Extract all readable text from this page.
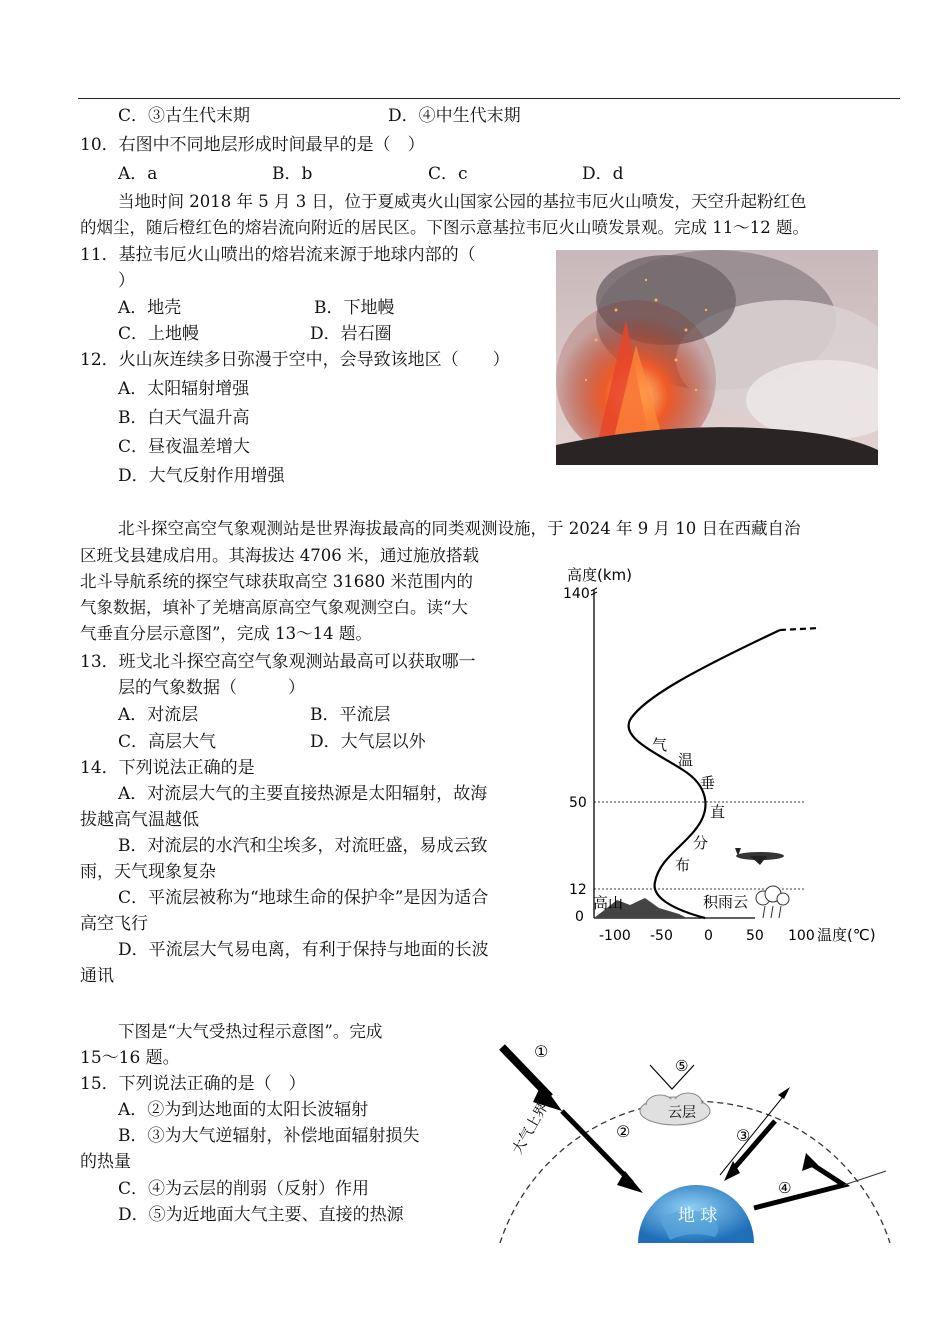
C．③古生代末期	D．④中生代末期
10．右图中不同地层形成时间最早的是（　）
A．a	B．b	C．c	D．d
当地时间 2018 年 5 月 3 日，位于夏威夷火山国家公园的基拉韦厄火山喷发，天空升起粉红色
的烟尘，随后橙红色的熔岩流向附近的居民区。下图示意基拉韦厄火山喷发景观。完成 11～12 题。
11．基拉韦厄火山喷出的熔岩流来源于地球内部的（
）
A．地壳	B．下地幔
C．上地幔	D．岩石圈
12．火山灰连续多日弥漫于空中，会导致该地区（　　）
A．太阳辐射增强
B．白天气温升高
C．昼夜温差增大
D．大气反射作用增强
北斗探空高空气象观测站是世界海拔最高的同类观测设施，于 2024 年 9 月 10 日在西藏自治
区班戈县建成启用。其海拔达 4706 米，通过施放搭载
北斗导航系统的探空气球获取高空 31680 米范围内的
气象数据，填补了羌塘高原高空气象观测空白。读“大
气垂直分层示意图”，完成 13～14 题。
13．班戈北斗探空高空气象观测站最高可以获取哪一
层的气象数据（　　　）
A．对流层	B．平流层
C．高层大气	D．大气层以外
14．下列说法正确的是
A．对流层大气的主要直接热源是太阳辐射，故海
拔越高气温越低
B．对流层的水汽和尘埃多，对流旺盛，易成云致
雨，天气现象复杂
C．平流层被称为“地球生命的保护伞”是因为适合
高空飞行
D．平流层大气易电离，有利于保持与地面的长波
通讯
高度(km)
140
50
12
0
-100 -50 0 50 100 温度(℃)
气
温
垂
直
分
布
高山	积雨云
下图是“大气受热过程示意图”。完成
15～16 题。
15．下列说法正确的是（　）
A．②为到达地面的太阳长波辐射
B．③为大气逆辐射，补偿地面辐射损失
的热量
C．④为云层的削弱（反射）作用
D．⑤为近地面大气主要、直接的热源
大气上界
地 球
云层
①
②
⑤
③
④
